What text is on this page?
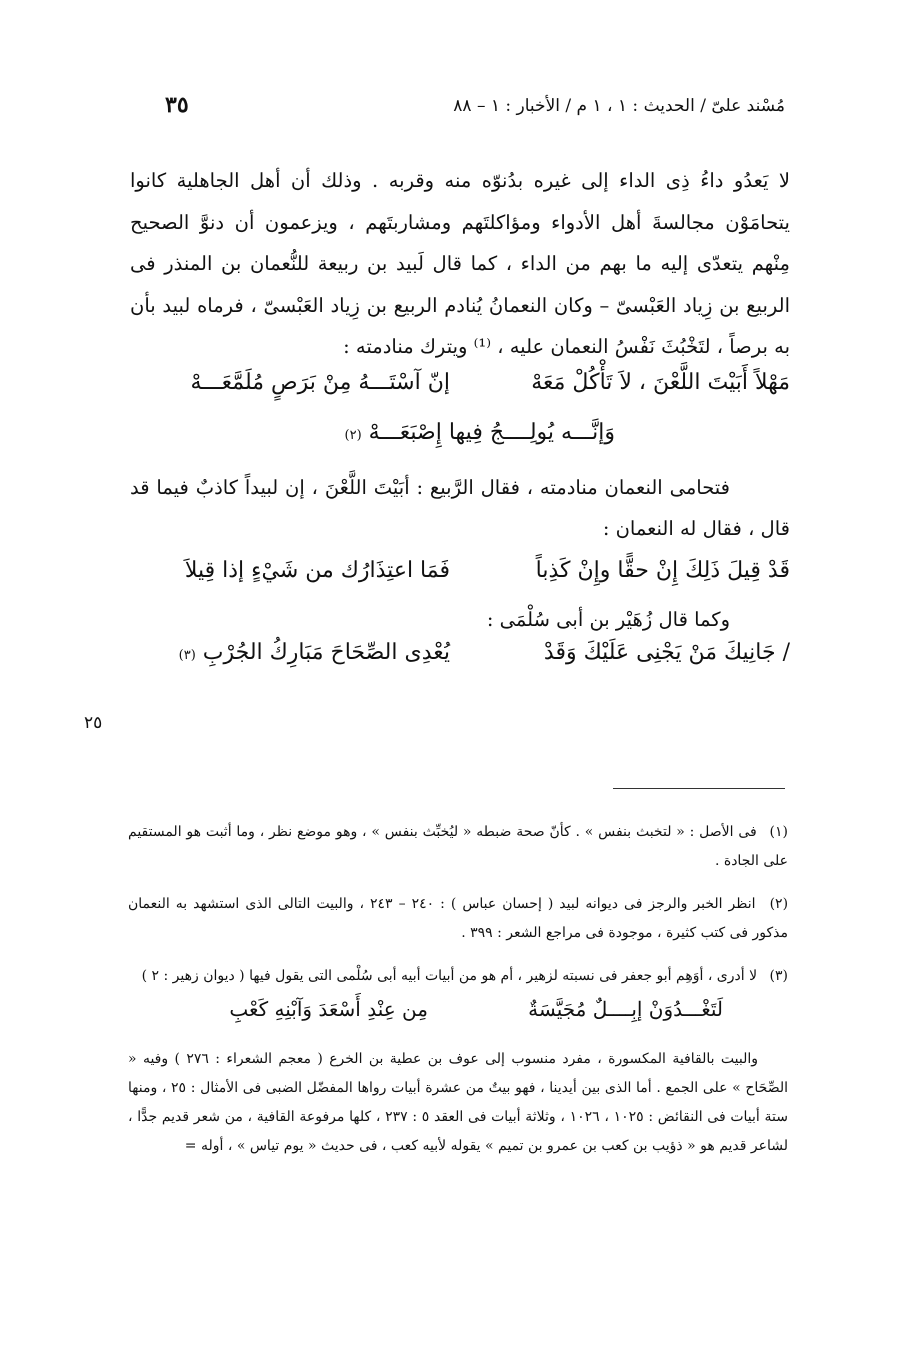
٣٥	مُسْند علىّ / الحديث : ١ ، ١ م / الأخبار : ١ – ٨٨

لا يَعدُو داءُ ذِى الداء إلى غيره بدُنوّه منه وقربه . وذلك أن أهل الجاهلية كانوا يتحامَوْن مجالسةَ أهل الأدواء ومؤاكلتَهم ومشاربتَهم ، ويزعمون أن دنوَّ الصحيح مِنْهم يتعدّى إليه ما بهم من الداء ، كما قال لَبيد بن ربيعة للنُّعمان بن المنذر فى الربيع بن زِياد العَبْسىّ – وكان النعمانُ يُنادم الربيع بن زِياد العَبْسىّ ، فرماه لبيد بأن به برصاً ، لتَخْبُثَ نَفْسُ النعمان عليه ، ⁽¹⁾ ويترك منادمته :

مَهْلاً أَبَيْتَ اللَّعْنَ ، لاَ تَأْكُلْ مَعَهْ
إنّ آسْتَـــهُ مِنْ بَرَصٍ مُلَمَّعَـــهْ
وَإنَّـــه يُولِــــجُ فِيها إِصْبَعَـــهْ (٢)

فتحامى النعمان منادمته ، فقال الرَّبيع : أبَيْتَ اللَّعْنَ ، إن لبيداً كاذبٌ فيما قد قال ، فقال له النعمان :

قَدْ قِيلَ ذَلِكَ إِنْ حقًّا وإِنْ كَذِباً
فَمَا اعتِذَارُك من شَيْءٍ إذا قِيلاَ

وكما قال زُهَيْر بن أبى سُلْمَى :

/ جَانِيكَ مَنْ يَجْنِى عَلَيْكَ وَقَدْ
يُعْدِى الصِّحَاحَ مَبَارِكُ الجُرْبِ (٣)
٢٥

(١) فى الأصل : « لتخبث بنفس » . كأنّ صحة ضبطه « ليُخبِّث بنفس » ، وهو موضع نظر ، وما أثبت هو المستقيم على الجادة .

(٢) انظر الخبر والرجز فى ديوانه لبيد ( إحسان عباس ) : ٢٤٠ – ٢٤٣ ، والبيت التالى الذى استشهد به النعمان مذكور فى كتب كثيرة ، موجودة فى مراجع الشعر : ٣٩٩ .

(٣) لا أدرى ، أوَهِم أبو جعفر فى نسبته لزهير ، أم هو من أبيات أبيه أبى سُلْمى التى يقول فيها ( ديوان زهير : ٢ )

لَتَغْـــدُوَنْ إبِــــلٌ مُجَيَّسَةٌ
مِن عِنْدِ أَسْعَدَ وَآبْنِهِ كَعْبِ

والبيت بالقافية المكسورة ، مفرد منسوب إلى عوف بن عطية بن الخرع ( معجم الشعراء : ٢٧٦ ) وفيه « الصِّحَاح » على الجمع . أما الذى بين أيدينا ، فهو بيتٌ من عشرة أبيات رواها المفضّل الضبى فى الأمثال : ٢٥ ، ومنها ستة أبيات فى النقائض : ١٠٢٥ ، ١٠٢٦ ، وثلاثة أبيات فى العقد ٥ : ٢٣٧ ، كلها مرفوعة القافية ، من شعر قديم جدًّا ، لشاعر قديم هو « ذؤيب بن كعب بن عمرو بن تميم » يقوله لأبيه كعب ، فى حديث « يوم تياس » ، أوله =
